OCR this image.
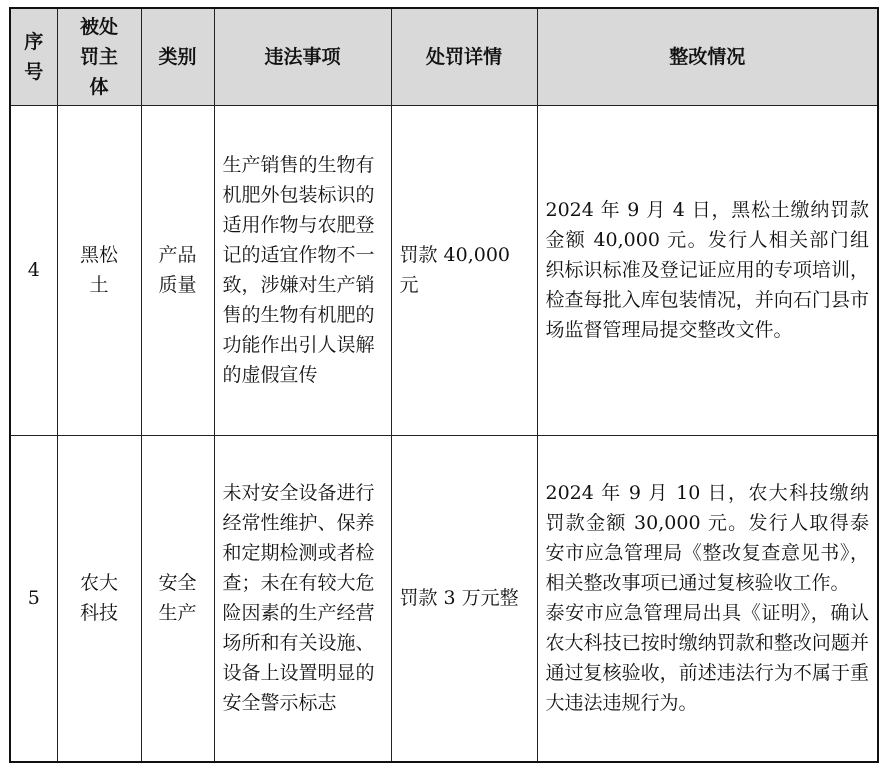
序号	被处罚主体	类别	违法事项	处罚详情	整改情况
4	黑松土	产品质量	生产销售的生物有机肥外包装标识的适用作物与农肥登记的适宜作物不一致，涉嫌对生产销售的生物有机肥的功能作出引人误解的虚假宣传	罚款 40,000 元	2024 年 9 月 4 日，黑松土缴纳罚款金额 40,000 元。发行人相关部门组织标识标准及登记证应用的专项培训，检查每批入库包装情况，并向石门县市场监督管理局提交整改文件。

5	农大科技	安全生产	未对安全设备进行经常性维护、保养和定期检测或者检查；未在有较大危险因素的生产经营场所和有关设施、设备上设置明显的安全警示标志	罚款 3 万元整	2024 年 9 月 10 日，农大科技缴纳罚款金额 30,000 元。发行人取得泰安市应急管理局《整改复查意见书》，相关整改事项已通过复核验收工作。
泰安市应急管理局出具《证明》，确认农大科技已按时缴纳罚款和整改问题并通过复核验收，前述违法行为不属于重大违法违规行为。
